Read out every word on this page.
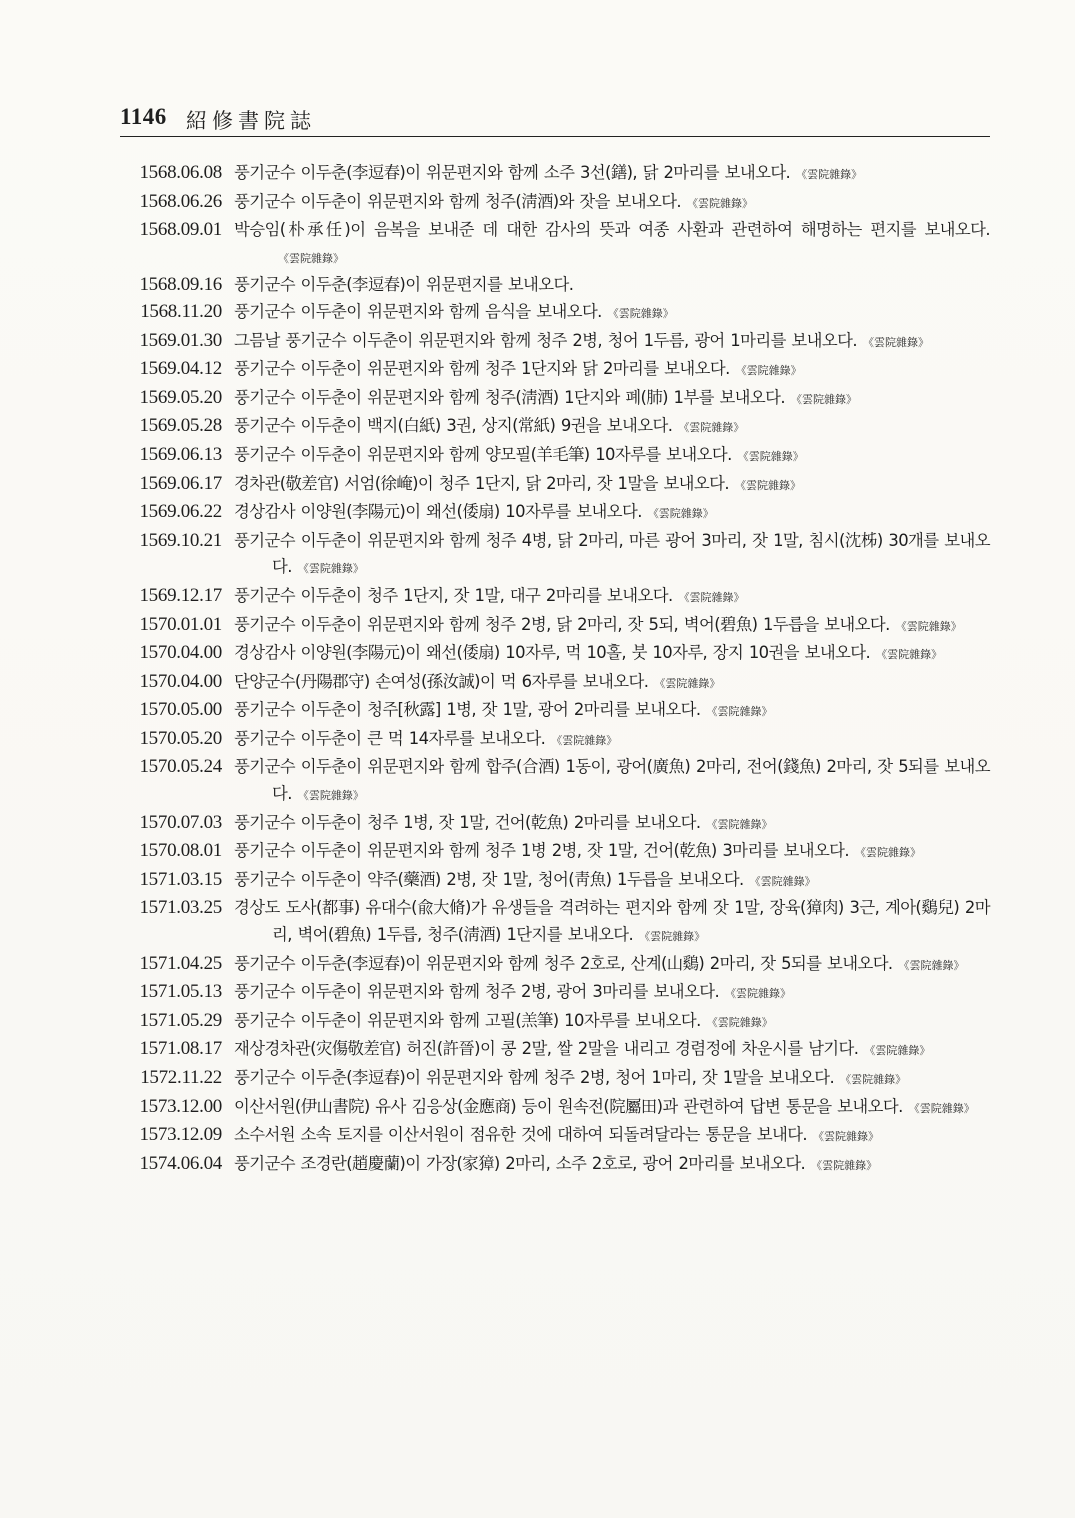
1146 紹修書院誌
1568.06.08 풍기군수 이두춘(李逗春)이 위문편지와 함께 소주 3선(鐥), 닭 2마리를 보내오다. 《雲院雜錄》
1568.06.26 풍기군수 이두춘이 위문편지와 함께 청주(淸酒)와 잣을 보내오다. 《雲院雜錄》
1568.09.01 박승임(朴承任)이 음복을 보내준 데 대한 감사의 뜻과 여종 사환과 관련하여 해명하는 편지를 보내오다.《雲院雜錄》
1568.09.16 풍기군수 이두춘(李逗春)이 위문편지를 보내오다.
1568.11.20 풍기군수 이두춘이 위문편지와 함께 음식을 보내오다. 《雲院雜錄》
1569.01.30 그믐날 풍기군수 이두춘이 위문편지와 함께 청주 2병, 청어 1두름, 광어 1마리를 보내오다. 《雲院雜錄》
1569.04.12 풍기군수 이두춘이 위문편지와 함께 청주 1단지와 닭 2마리를 보내오다. 《雲院雜錄》
1569.05.20 풍기군수 이두춘이 위문편지와 함께 청주(淸酒) 1단지와 폐(肺) 1부를 보내오다. 《雲院雜錄》
1569.05.28 풍기군수 이두춘이 백지(白紙) 3권, 상지(常紙) 9권을 보내오다. 《雲院雜錄》
1569.06.13 풍기군수 이두춘이 위문편지와 함께 양모필(羊毛筆) 10자루를 보내오다. 《雲院雜錄》
1569.06.17 경차관(敬差官) 서엄(徐崦)이 청주 1단지, 닭 2마리, 잣 1말을 보내오다. 《雲院雜錄》
1569.06.22 경상감사 이양원(李陽元)이 왜선(倭扇) 10자루를 보내오다. 《雲院雜錄》
1569.10.21 풍기군수 이두춘이 위문편지와 함께 청주 4병, 닭 2마리, 마른 광어 3마리, 잣 1말, 침시(沈柹) 30개를 보내오다. 《雲院雜錄》
1569.12.17 풍기군수 이두춘이 청주 1단지, 잣 1말, 대구 2마리를 보내오다. 《雲院雜錄》
1570.01.01 풍기군수 이두춘이 위문편지와 함께 청주 2병, 닭 2마리, 잣 5되, 벽어(碧魚) 1두릅을 보내오다. 《雲院雜錄》
1570.04.00 경상감사 이양원(李陽元)이 왜선(倭扇) 10자루, 먹 10홀, 붓 10자루, 장지 10권을 보내오다. 《雲院雜錄》
1570.04.00 단양군수(丹陽郡守) 손여성(孫汝誠)이 먹 6자루를 보내오다. 《雲院雜錄》
1570.05.00 풍기군수 이두춘이 청주[秋露] 1병, 잣 1말, 광어 2마리를 보내오다. 《雲院雜錄》
1570.05.20 풍기군수 이두춘이 큰 먹 14자루를 보내오다. 《雲院雜錄》
1570.05.24 풍기군수 이두춘이 위문편지와 함께 합주(合酒) 1동이, 광어(廣魚) 2마리, 전어(錢魚) 2마리, 잣 5되를 보내오다. 《雲院雜錄》
1570.07.03 풍기군수 이두춘이 청주 1병, 잣 1말, 건어(乾魚) 2마리를 보내오다. 《雲院雜錄》
1570.08.01 풍기군수 이두춘이 위문편지와 함께 청주 1병 2병, 잣 1말, 건어(乾魚) 3마리를 보내오다. 《雲院雜錄》
1571.03.15 풍기군수 이두춘이 약주(藥酒) 2병, 잣 1말, 청어(靑魚) 1두릅을 보내오다. 《雲院雜錄》
1571.03.25 경상도 도사(都事) 유대수(兪大脩)가 유생들을 격려하는 편지와 함께 잣 1말, 장육(獐肉) 3근, 계아(鷄兒) 2마리, 벽어(碧魚) 1두릅, 청주(淸酒) 1단지를 보내오다. 《雲院雜錄》
1571.04.25 풍기군수 이두춘(李逗春)이 위문편지와 함께 청주 2호로, 산계(山鷄) 2마리, 잣 5되를 보내오다. 《雲院雜錄》
1571.05.13 풍기군수 이두춘이 위문편지와 함께 청주 2병, 광어 3마리를 보내오다. 《雲院雜錄》
1571.05.29 풍기군수 이두춘이 위문편지와 함께 고필(羔筆) 10자루를 보내오다. 《雲院雜錄》
1571.08.17 재상경차관(灾傷敬差官) 허진(許晉)이 콩 2말, 쌀 2말을 내리고 경렴정에 차운시를 남기다. 《雲院雜錄》
1572.11.22 풍기군수 이두춘(李逗春)이 위문편지와 함께 청주 2병, 청어 1마리, 잣 1말을 보내오다. 《雲院雜錄》
1573.12.00 이산서원(伊山書院) 유사 김응상(金應商) 등이 원속전(院屬田)과 관련하여 답변 통문을 보내오다. 《雲院雜錄》
1573.12.09 소수서원 소속 토지를 이산서원이 점유한 것에 대하여 되돌려달라는 통문을 보내다. 《雲院雜錄》
1574.06.04 풍기군수 조경란(趙慶蘭)이 가장(家獐) 2마리, 소주 2호로, 광어 2마리를 보내오다. 《雲院雜錄》
